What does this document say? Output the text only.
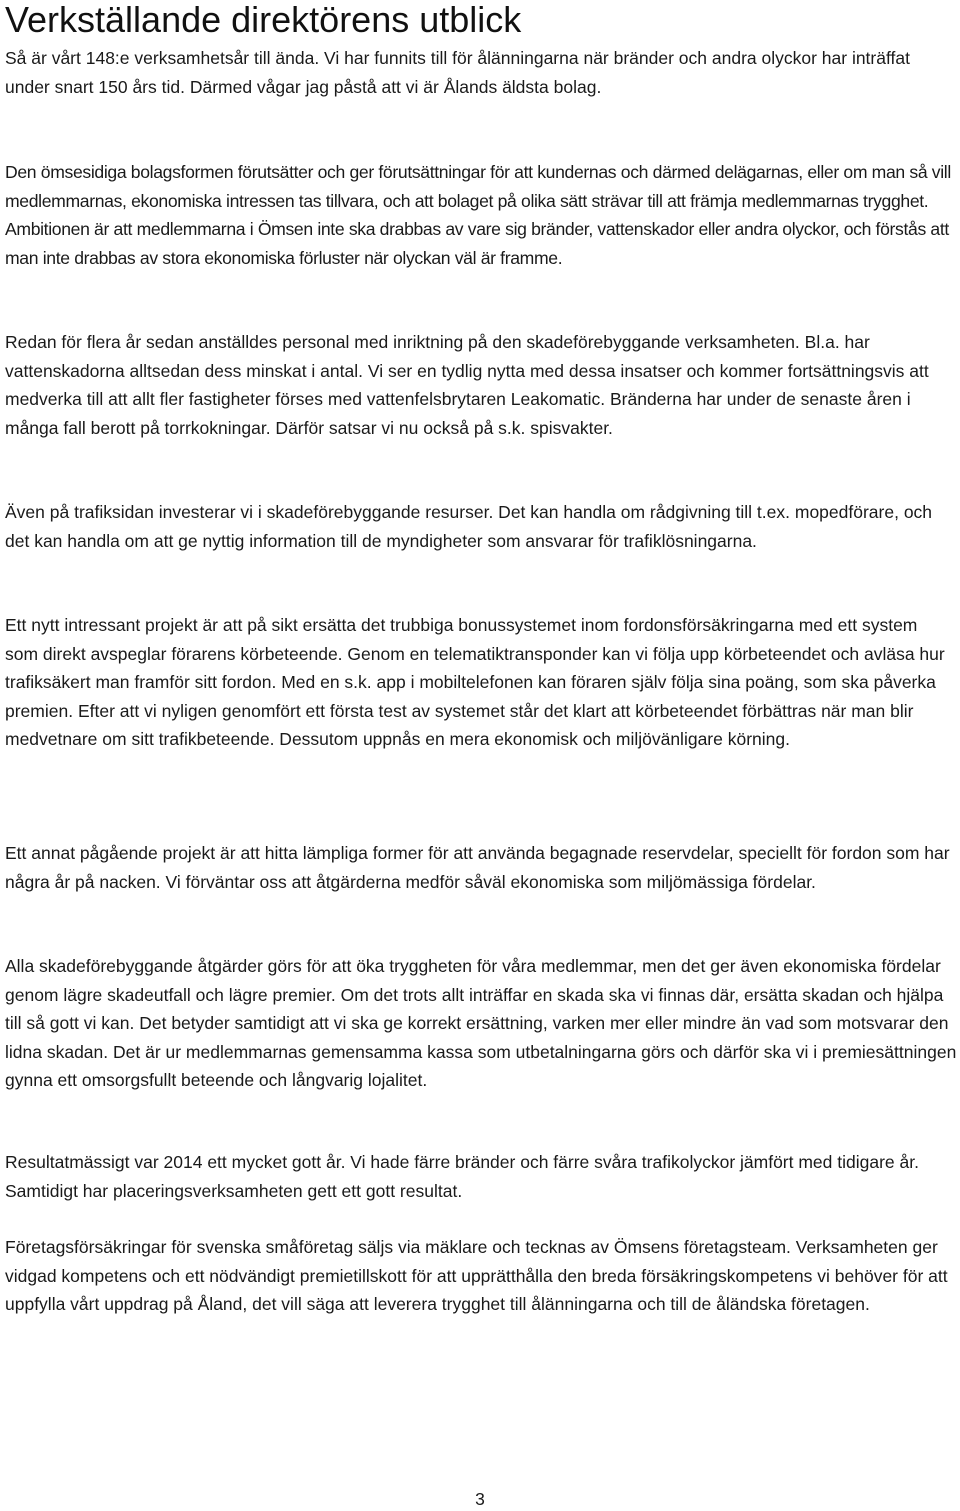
Verkställande direktörens utblick

Så är vårt 148:e verksamhetsår till ända. Vi har funnits till för ålänningarna när bränder och andra olyckor har inträffat under snart 150 års tid. Därmed vågar jag påstå att vi är Ålands äldsta bolag.

Den ömsesidiga bolagsformen förutsätter och ger förutsättningar för att kundernas och därmed delägarnas, eller om man så vill medlemmarnas, ekonomiska intressen tas tillvara, och att bolaget på olika sätt strävar till att främja medlemmarnas trygghet. Ambitionen är att medlemmarna i Ömsen inte ska drabbas av vare sig bränder, vattenskador eller andra olyckor, och förstås att man inte drabbas av stora ekonomiska förluster när olyckan väl är framme.

Redan för flera år sedan anställdes personal med inriktning på den skadeförebyggande verksamheten. Bl.a. har vattenskadorna alltsedan dess minskat i antal. Vi ser en tydlig nytta med dessa insatser och kommer fortsättningsvis att medverka till att allt fler fastigheter förses med vattenfelsbrytaren Leakomatic. Bränderna har under de senaste åren i många fall berott på torrkokningar. Därför satsar vi nu också på s.k. spisvakter.

Även på trafiksidan investerar vi i skadeförebyggande resurser. Det kan handla om rådgivning till t.ex. mopedförare, och det kan handla om att ge nyttig information till de myndigheter som ansvarar för trafiklösningarna.

Ett nytt intressant projekt är att på sikt ersätta det trubbiga bonussystemet inom fordonsförsäkringarna med ett system som direkt avspeglar förarens körbeteende. Genom en telematiktransponder kan vi följa upp körbeteendet och avläsa hur trafiksäkert man framför sitt fordon. Med en s.k. app i mobiltelefonen kan föraren själv följa sina poäng, som ska påverka premien. Efter att vi nyligen genomfört ett första test av systemet står det klart att körbeteendet förbättras när man blir medvetnare om sitt trafikbeteende. Dessutom uppnås en mera ekonomisk och miljövänligare körning.

Ett annat pågående projekt är att hitta lämpliga former för att använda begagnade reservdelar, speciellt för fordon som har några år på nacken. Vi förväntar oss att åtgärderna medför såväl ekonomiska som miljömässiga fördelar.

Alla skadeförebyggande åtgärder görs för att öka tryggheten för våra medlemmar, men det ger även ekonomiska fördelar genom lägre skadeutfall och lägre premier. Om det trots allt inträffar en skada ska vi finnas där, ersätta skadan och hjälpa till så gott vi kan. Det betyder samtidigt att vi ska ge korrekt ersättning, varken mer eller mindre än vad som motsvarar den lidna skadan. Det är ur medlemmarnas gemensamma kassa som utbetalningarna görs och därför ska vi i premiesättningen gynna ett omsorgsfullt beteende och långvarig lojalitet.

Resultatmässigt var 2014 ett mycket gott år. Vi hade färre bränder och färre svåra trafikolyckor jämfört med tidigare år. Samtidigt har placeringsverksamheten gett ett gott resultat.

Företagsförsäkringar för svenska småföretag säljs via mäklare och tecknas av Ömsens företagsteam. Verksamheten ger vidgad kompetens och ett nödvändigt premietillskott för att upprätthålla den breda försäkringskompetens vi behöver för att uppfylla vårt uppdrag på Åland, det vill säga att leverera trygghet till ålänningarna och till de åländska företagen.

3
